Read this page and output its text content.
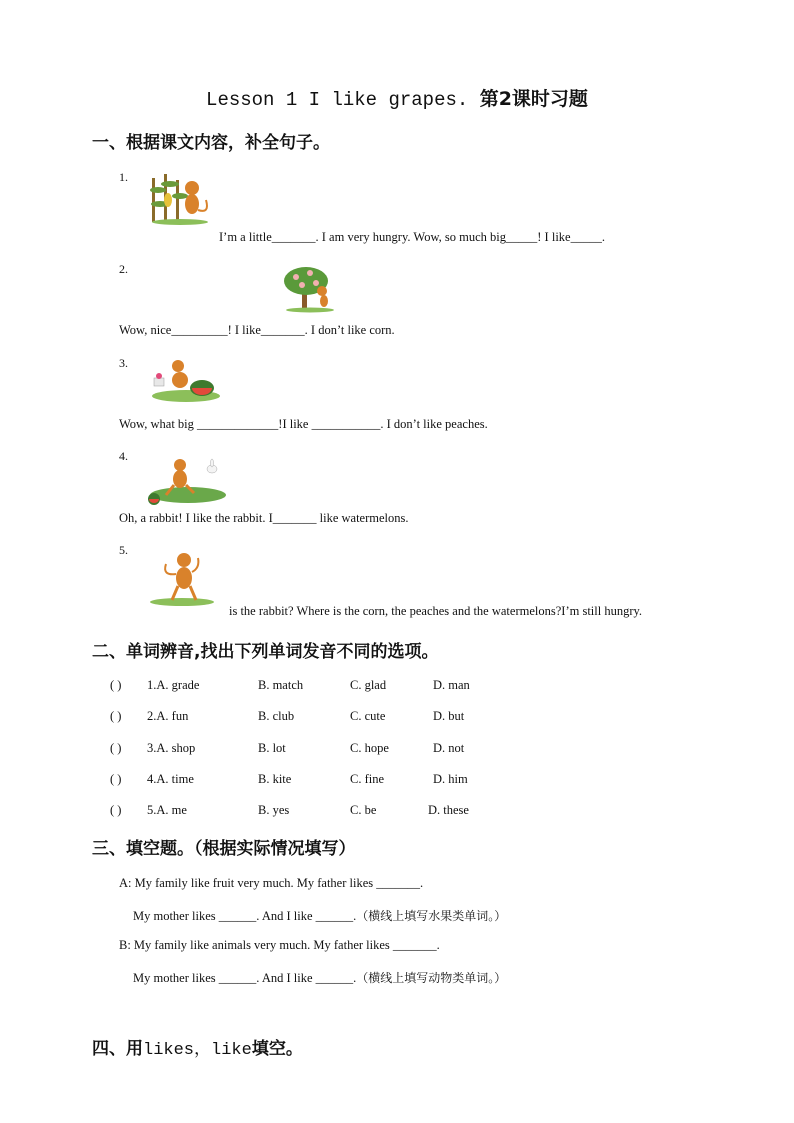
Lesson 1 I like grapes. 第2课时习题
一、根据课文内容，补全句子。
1.
I’m a little_______. I am very hungry. Wow, so much big_____! I like_____.
2.
Wow, nice_________! I like_______. I don’t like corn.
3.
Wow, what big _____________!I like ___________. I don’t like peaches.
4.
Oh, a rabbit! I like the rabbit. I_______ like watermelons.
5.
is the rabbit? Where is the corn, the peaches and the watermelons?I’m still hungry.
二、单词辨音,找出下列单词发音不同的选项。
( ) 1.A. grade	B. match	C. glad	D. man
( ) 2.A. fun	B. club	C. cute	D. but
( ) 3.A. shop	B. lot	C. hope	D. not
( ) 4.A. time	B. kite	C. fine	D. him
( ) 5.A. me	B. yes	C. be	D. these
三、填空题。（根据实际情况填写）
A: My family like fruit very much. My father likes _______.
My mother likes ______. And I like ______.（横线上填写水果类单词。）
B: My family like animals very much. My father likes _______.
My mother likes ______. And I like ______.（横线上填写动物类单词。）
四、用likes，like填空。
